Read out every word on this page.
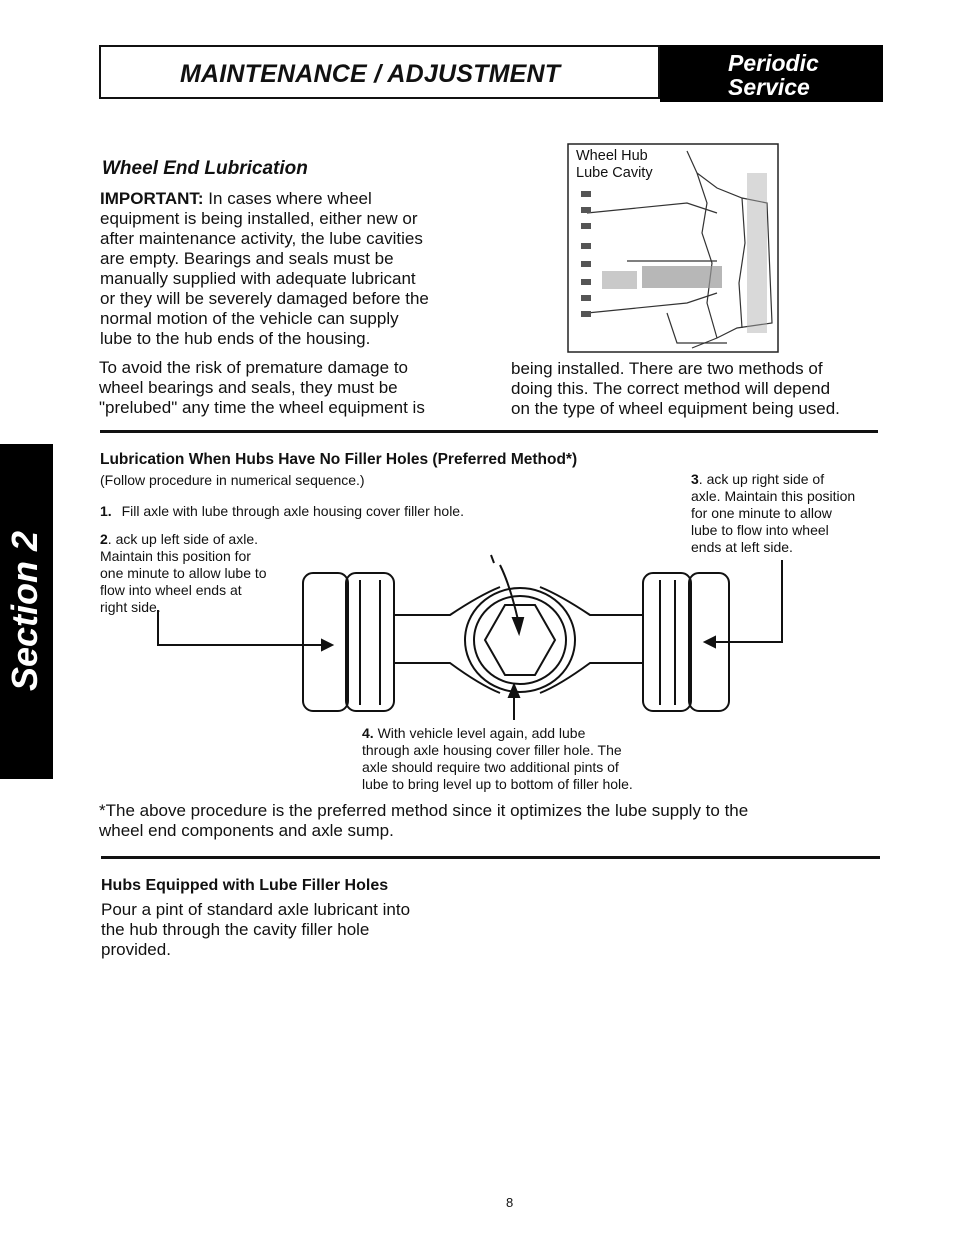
MAINTENANCE / ADJUSTMENT	Periodic
Service
Section 2
Wheel End Lubrication
IMPORTANT: In cases where wheel
equipment is being installed, either new or
after maintenance activity, the lube cavities
are empty. Bearings and seals must be
manually supplied with adequate lubricant
or they will be severely damaged before the
normal motion of the vehicle can supply
lube to the hub ends of the housing.
To avoid the risk of premature damage to
wheel bearings and seals, they must be
"prelubed" any time the wheel equipment is
being installed. There are two methods of
doing this. The correct method will depend
on the type of wheel equipment being used.
Wheel Hub
Lube Cavity
Lubrication When Hubs Have No Filler Holes (Preferred Method*)
(Follow procedure in numerical sequence.)
1. Fill axle with lube through axle housing cover filler hole.
2. ack up left side of axle.
Maintain this position for
one minute to allow lube to
flow into wheel ends at
right side.
3. ack up right side of
axle. Maintain this position
for one minute to allow
lube to flow into wheel
ends at left side.
4. With vehicle level again, add lube
through axle housing cover filler hole. The
axle should require two additional pints of
lube to bring level up to bottom of filler hole.
*The above procedure is the preferred method since it optimizes the lube supply to the
wheel end components and axle sump.
Hubs Equipped with Lube Filler Holes
Pour a pint of standard axle lubricant into
the hub through the cavity filler hole
provided.
8
